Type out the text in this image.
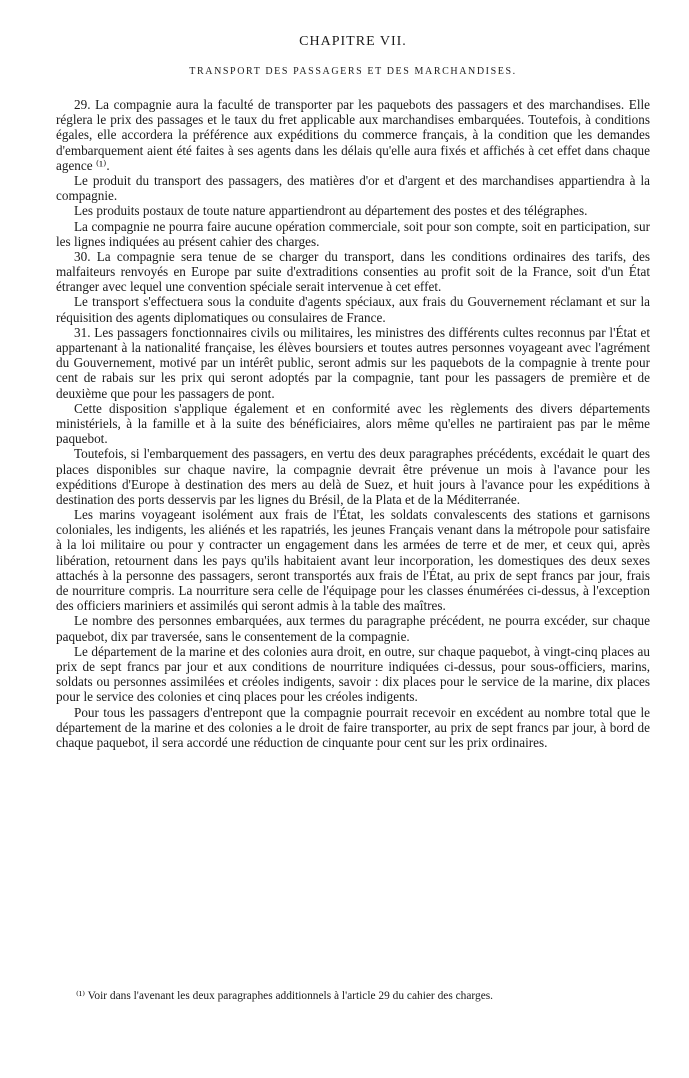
CHAPITRE VII.
TRANSPORT DES PASSAGERS ET DES MARCHANDISES.

29. La compagnie aura la faculté de transporter par les paquebots des passagers et des marchandises. Elle réglera le prix des passages et le taux du fret applicable aux marchandises embarquées. Toutefois, à conditions égales, elle accordera la préférence aux expéditions du commerce français, à la condition que les demandes d'embarquement aient été faites à ses agents dans les délais qu'elle aura fixés et affichés à cet effet dans chaque agence ⁽¹⁾.

Le produit du transport des passagers, des matières d'or et d'argent et des marchandises appartiendra à la compagnie.

Les produits postaux de toute nature appartiendront au département des postes et des télégraphes.

La compagnie ne pourra faire aucune opération commerciale, soit pour son compte, soit en participation, sur les lignes indiquées au présent cahier des charges.

30. La compagnie sera tenue de se charger du transport, dans les conditions ordinaires des tarifs, des malfaiteurs renvoyés en Europe par suite d'extraditions consenties au profit soit de la France, soit d'un État étranger avec lequel une convention spéciale serait intervenue à cet effet.

Le transport s'effectuera sous la conduite d'agents spéciaux, aux frais du Gouvernement réclamant et sur la réquisition des agents diplomatiques ou consulaires de France.

31. Les passagers fonctionnaires civils ou militaires, les ministres des différents cultes reconnus par l'État et appartenant à la nationalité française, les élèves boursiers et toutes autres personnes voyageant avec l'agrément du Gouvernement, motivé par un intérêt public, seront admis sur les paquebots de la compagnie à trente pour cent de rabais sur les prix qui seront adoptés par la compagnie, tant pour les passagers de première et de deuxième que pour les passagers de pont.

Cette disposition s'applique également et en conformité avec les règlements des divers départements ministériels, à la famille et à la suite des bénéficiaires, alors même qu'elles ne partiraient pas par le même paquebot.

Toutefois, si l'embarquement des passagers, en vertu des deux paragraphes précédents, excédait le quart des places disponibles sur chaque navire, la compagnie devrait être prévenue un mois à l'avance pour les expéditions d'Europe à destination des mers au delà de Suez, et huit jours à l'avance pour les expéditions à destination des ports desservis par les lignes du Brésil, de la Plata et de la Méditerranée.

Les marins voyageant isolément aux frais de l'État, les soldats convalescents des stations et garnisons coloniales, les indigents, les aliénés et les rapatriés, les jeunes Français venant dans la métropole pour satisfaire à la loi militaire ou pour y contracter un engagement dans les armées de terre et de mer, et ceux qui, après libération, retournent dans les pays qu'ils habitaient avant leur incorporation, les domestiques des deux sexes attachés à la personne des passagers, seront transportés aux frais de l'État, au prix de sept francs par jour, frais de nourriture compris. La nourriture sera celle de l'équipage pour les classes énumérées ci-dessus, à l'exception des officiers mariniers et assimilés qui seront admis à la table des maîtres.

Le nombre des personnes embarquées, aux termes du paragraphe précédent, ne pourra excéder, sur chaque paquebot, dix par traversée, sans le consentement de la compagnie.

Le département de la marine et des colonies aura droit, en outre, sur chaque paquebot, à vingt-cinq places au prix de sept francs par jour et aux conditions de nourriture indiquées ci-dessus, pour sous-officiers, marins, soldats ou personnes assimilées et créoles indigents, savoir : dix places pour le service de la marine, dix places pour le service des colonies et cinq places pour les créoles indigents.

Pour tous les passagers d'entrepont que la compagnie pourrait recevoir en excédent au nombre total que le département de la marine et des colonies a le droit de faire transporter, au prix de sept francs par jour, à bord de chaque paquebot, il sera accordé une réduction de cinquante pour cent sur les prix ordinaires.

⁽¹⁾ Voir dans l'avenant les deux paragraphes additionnels à l'article 29 du cahier des charges.
